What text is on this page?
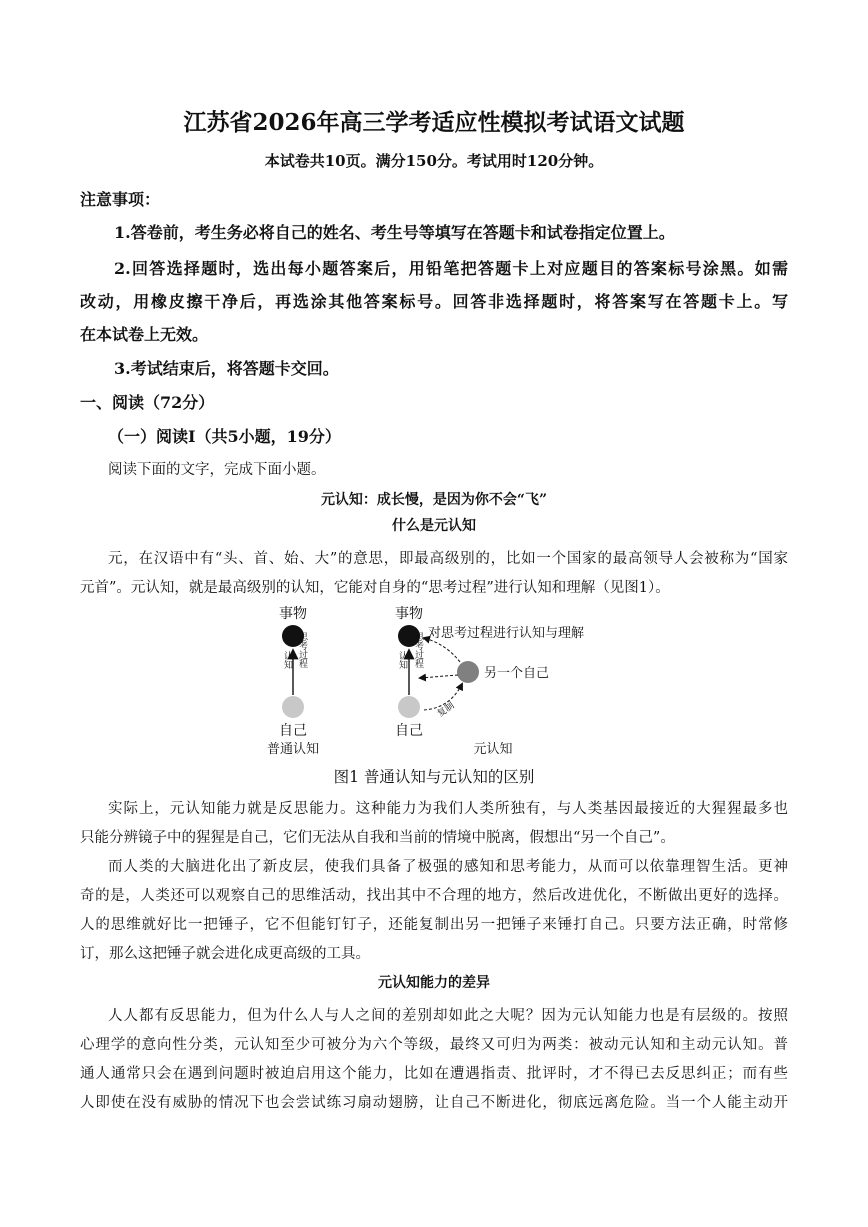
江苏省2026年高三学考适应性模拟考试语文试题

本试卷共10页。满分150分。考试用时120分钟。

注意事项：

1.答卷前，考生务必将自己的姓名、考生号等填写在答题卡和试卷指定位置上。

2.回答选择题时，选出每小题答案后，用铅笔把答题卡上对应题目的答案标号涂黑。如需

改动，用橡皮擦干净后，再选涂其他答案标号。回答非选择题时，将答案写在答题卡上。写

在本试卷上无效。

3.考试结束后，将答题卡交回。

一、阅读（72分）

（一）阅读I（共5小题，19分）

阅读下面的文字，完成下面小题。

元认知：成长慢，是因为你不会“飞”

什么是元认知

元，在汉语中有“头、首、始、大”的意思，即最高级别的，比如一个国家的最高领导人会被称为“国家

元首”。元认知，就是最高级别的认知，它能对自身的“思考过程”进行认知和理解（见图1）。

事物
自己
认知 思考过程
普通认知
事物
自己
认知 思考过程 对思考过程进行认知与理解
另一个自己
复制
元认知

图1 普通认知与元认知的区别

实际上，元认知能力就是反思能力。这种能力为我们人类所独有，与人类基因最接近的大猩猩最多也

只能分辨镜子中的猩猩是自己，它们无法从自我和当前的情境中脱离，假想出“另一个自己”。

而人类的大脑进化出了新皮层，使我们具备了极强的感知和思考能力，从而可以依靠理智生活。更神

奇的是，人类还可以观察自己的思维活动，找出其中不合理的地方，然后改进优化，不断做出更好的选择。

人的思维就好比一把锤子，它不但能钉钉子，还能复制出另一把锤子来锤打自己。只要方法正确，时常修

订，那么这把锤子就会进化成更高级的工具。

元认知能力的差异

人人都有反思能力，但为什么人与人之间的差别却如此之大呢？因为元认知能力也是有层级的。按照

心理学的意向性分类，元认知至少可被分为六个等级，最终又可归为两类：被动元认知和主动元认知。普

通人通常只会在遇到问题时被迫启用这个能力，比如在遭遇指责、批评时，才不得已去反思纠正；而有些

人即使在没有威胁的情况下也会尝试练习扇动翅膀，让自己不断进化，彻底远离危险。当一个人能主动开
